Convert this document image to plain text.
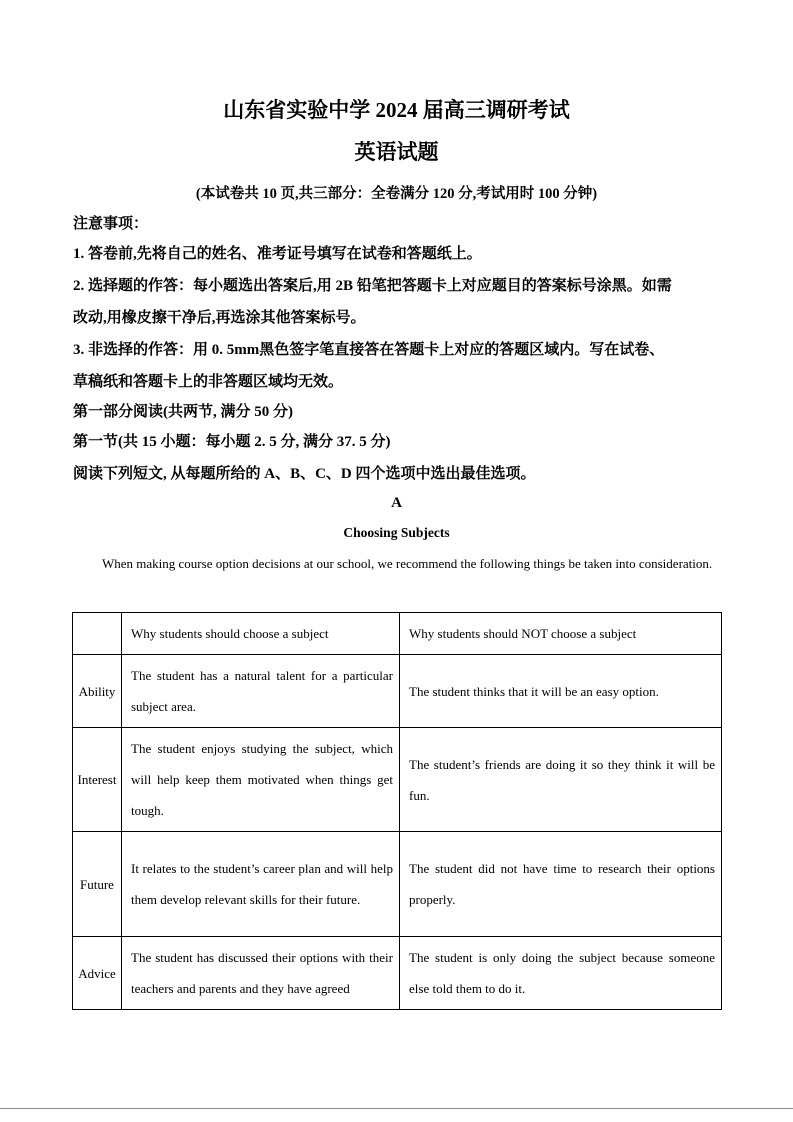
山东省实验中学 2024 届高三调研考试
英语试题
(本试卷共 10 页,共三部分：全卷满分 120 分,考试用时 100 分钟)
注意事项：
1. 答卷前,先将自己的姓名、准考证号填写在试卷和答题纸上。
2. 选择题的作答：每小题选出答案后,用 2B 铅笔把答题卡上对应题目的答案标号涂黑。如需
改动,用橡皮擦干净后,再选涂其他答案标号。
3. 非选择的作答：用 0. 5mm黑色签字笔直接答在答题卡上对应的答题区域内。写在试卷、
草稿纸和答题卡上的非答题区域均无效。
第一部分阅读(共两节, 满分 50 分)
第一节(共 15 小题：每小题 2. 5 分, 满分 37. 5 分)
阅读下列短文, 从每题所给的 A、B、C、D 四个选项中选出最佳选项。
A
Choosing Subjects
When making course option decisions at our school, we recommend the following things be taken into consideration.
	Why students should choose a subject	Why students should NOT choose a subject
Ability	The student has a natural talent for a particular subject area.	The student thinks that it will be an easy option.
Interest	The student enjoys studying the subject, which will help keep them motivated when things get tough.	The student’s friends are doing it so they think it will be fun.
Future	It relates to the student’s career plan and will help them develop relevant skills for their future.	The student did not have time to research their options properly.
Advice	The student has discussed their options with their teachers and parents and they have agreed	The student is only doing the subject because someone else told them to do it.
